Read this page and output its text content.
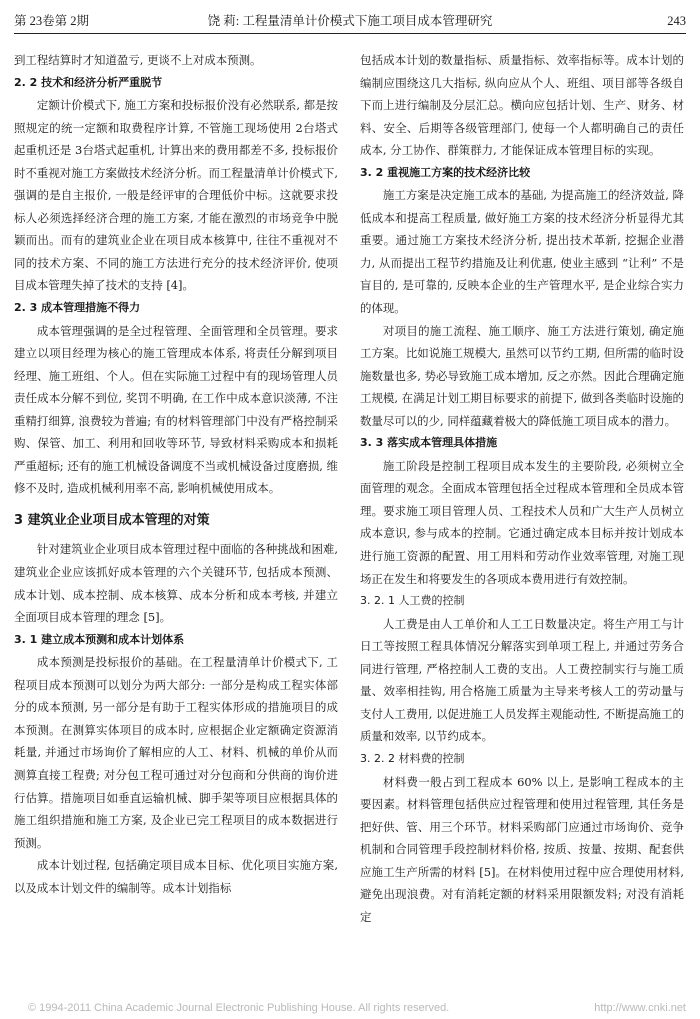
第 23卷第 2期	饶 莉: 工程量清单计价模式下施工项目成本管理研究	243

到工程结算时才知道盈亏, 更谈不上对成本预测。

2. 2 技术和经济分析严重脱节

定额计价模式下, 施工方案和投标报价没有必然联系, 都是按照规定的统一定额和取费程序计算, 不管施工现场使用 2台塔式起重机还是 3台塔式起重机, 计算出来的费用都差不多, 投标报价时不重视对施工方案做技术经济分析。而工程量清单计价模式下, 强调的是自主报价, 一般是经评审的合理低价中标。这就要求投标人必须选择经济合理的施工方案, 才能在激烈的市场竞争中脱颖而出。而有的建筑业企业在项目成本核算中, 往往不重视对不同的技术方案、不同的施工方法进行充分的技术经济评价, 使项目成本管理失掉了技术的支持 [4]。

2. 3 成本管理措施不得力

成本管理强调的是全过程管理、全面管理和全员管理。要求建立以项目经理为核心的施工管理成本体系, 将责任分解到项目经理、施工班组、个人。但在实际施工过程中有的现场管理人员责任成本分解不到位, 奖罚不明确, 在工作中成本意识淡薄, 不注重精打细算, 浪费较为普遍; 有的材料管理部门中没有严格控制采购、保管、加工、利用和回收等环节, 导致材料采购成本和损耗严重超标; 还有的施工机械设备调度不当或机械设备过度磨损, 维修不及时, 造成机械利用率不高, 影响机械使用成本。

3 建筑业企业项目成本管理的对策

针对建筑业企业项目成本管理过程中面临的各种挑战和困难, 建筑业企业应该抓好成本管理的六个关键环节, 包括成本预测、成本计划、成本控制、成本核算、成本分析和成本考核, 并建立全面项目成本管理的理念 [5]。

3. 1 建立成本预测和成本计划体系

成本预测是投标报价的基础。在工程量清单计价模式下, 工程项目成本预测可以划分为两大部分: 一部分是构成工程实体部分的成本预测, 另一部分是有助于工程实体形成的措施项目的成本预测。在测算实体项目的成本时, 应根据企业定额确定资源消耗量, 并通过市场询价了解相应的人工、材料、机械的单价从而测算直接工程费; 对分包工程可通过对分包商和分供商的询价进行估算。措施项目如垂直运输机械、脚手架等项目应根据具体的施工组织措施和施工方案, 及企业已完工程项目的成本数据进行预测。

成本计划过程, 包括确定项目成本目标、优化项目实施方案, 以及成本计划文件的编制等。成本计划指标

包括成本计划的数量指标、质量指标、效率指标等。成本计划的编制应围绕这几大指标, 纵向应从个人、班组、项目部等各级自下而上进行编制及分层汇总。横向应包括计划、生产、财务、材料、安全、后期等各级管理部门, 使每一个人都明确自己的责任成本, 分工协作、群策群力, 才能保证成本管理目标的实现。

3. 2 重视施工方案的技术经济比较

施工方案是决定施工成本的基础, 为提高施工的经济效益, 降低成本和提高工程质量, 做好施工方案的技术经济分析显得尤其重要。通过施工方案技术经济分析, 提出技术革新, 挖掘企业潜力, 从而提出工程节约措施及让利优惠, 使业主感到 “让利” 不是盲目的, 是可靠的, 反映本企业的生产管理水平, 是企业综合实力的体现。

对项目的施工流程、施工顺序、施工方法进行策划, 确定施工方案。比如说施工规模大, 虽然可以节约工期, 但所需的临时设施数量也多, 势必导致施工成本增加, 反之亦然。因此合理确定施工规模, 在满足计划工期目标要求的前提下, 做到各类临时设施的数量尽可以的少, 同样蕴藏着极大的降低施工项目成本的潜力。

3. 3 落实成本管理具体措施

施工阶段是控制工程项目成本发生的主要阶段, 必须树立全面管理的观念。全面成本管理包括全过程成本管理和全员成本管理。要求施工项目管理人员、工程技术人员和广大生产人员树立成本意识, 参与成本的控制。它通过确定成本目标并按计划成本进行施工资源的配置、用工用料和劳动作业效率管理, 对施工现场正在发生和将要发生的各项成本费用进行有效控制。

3. 2. 1 人工费的控制

人工费是由人工单价和人工工日数量决定。将生产用工与计日工等按照工程具体情况分解落实到单项工程上, 并通过劳务合同进行管理, 严格控制人工费的支出。人工费控制实行与施工质量、效率相挂钩, 用合格施工质量为主导来考核人工的劳动量与支付人工费用, 以促进施工人员发挥主观能动性, 不断提高施工的质量和效率, 以节约成本。

3. 2. 2 材料费的控制

材料费一般占到工程成本 60% 以上, 是影响工程成本的主要因素。材料管理包括供应过程管理和使用过程管理, 其任务是把好供、管、用三个环节。材料采购部门应通过市场询价、竞争机制和合同管理手段控制材料价格, 按质、按量、按期、配套供应施工生产所需的材料 [5]。在材料使用过程中应合理使用材料, 避免出现浪费。对有消耗定额的材料采用限额发料; 对没有消耗定

© 1994-2011 China Academic Journal Electronic Publishing House. All rights reserved.	http://www.cnki.net
